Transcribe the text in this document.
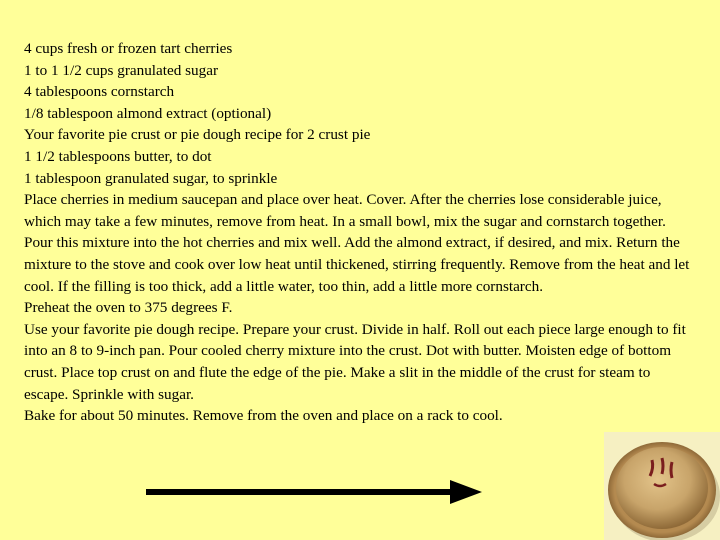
4 cups fresh or frozen tart cherries
1 to 1 1/2 cups granulated sugar
4 tablespoons cornstarch
1/8 tablespoon almond extract (optional)
Your favorite pie crust or pie dough recipe for 2 crust pie
1 1/2 tablespoons butter, to dot
1 tablespoon granulated sugar, to sprinkle
Place cherries in medium saucepan and place over heat. Cover. After the cherries lose considerable juice, which may take a few minutes, remove from heat. In a small bowl, mix the sugar and cornstarch together. Pour this mixture into the hot cherries and mix well. Add the almond extract, if desired, and mix. Return the mixture to the stove and cook over low heat until thickened, stirring frequently. Remove from the heat and let cool. If the filling is too thick, add a little water, too thin, add a little more cornstarch.
Preheat the oven to 375 degrees F.
Use your favorite pie dough recipe. Prepare your crust. Divide in half. Roll out each piece large enough to fit into an 8 to 9-inch pan. Pour cooled cherry mixture into the crust. Dot with butter. Moisten edge of bottom crust. Place top crust on and flute the edge of the pie. Make a slit in the middle of the crust for steam to escape. Sprinkle with sugar.
Bake for about 50 minutes. Remove from the oven and place on a rack to cool.
